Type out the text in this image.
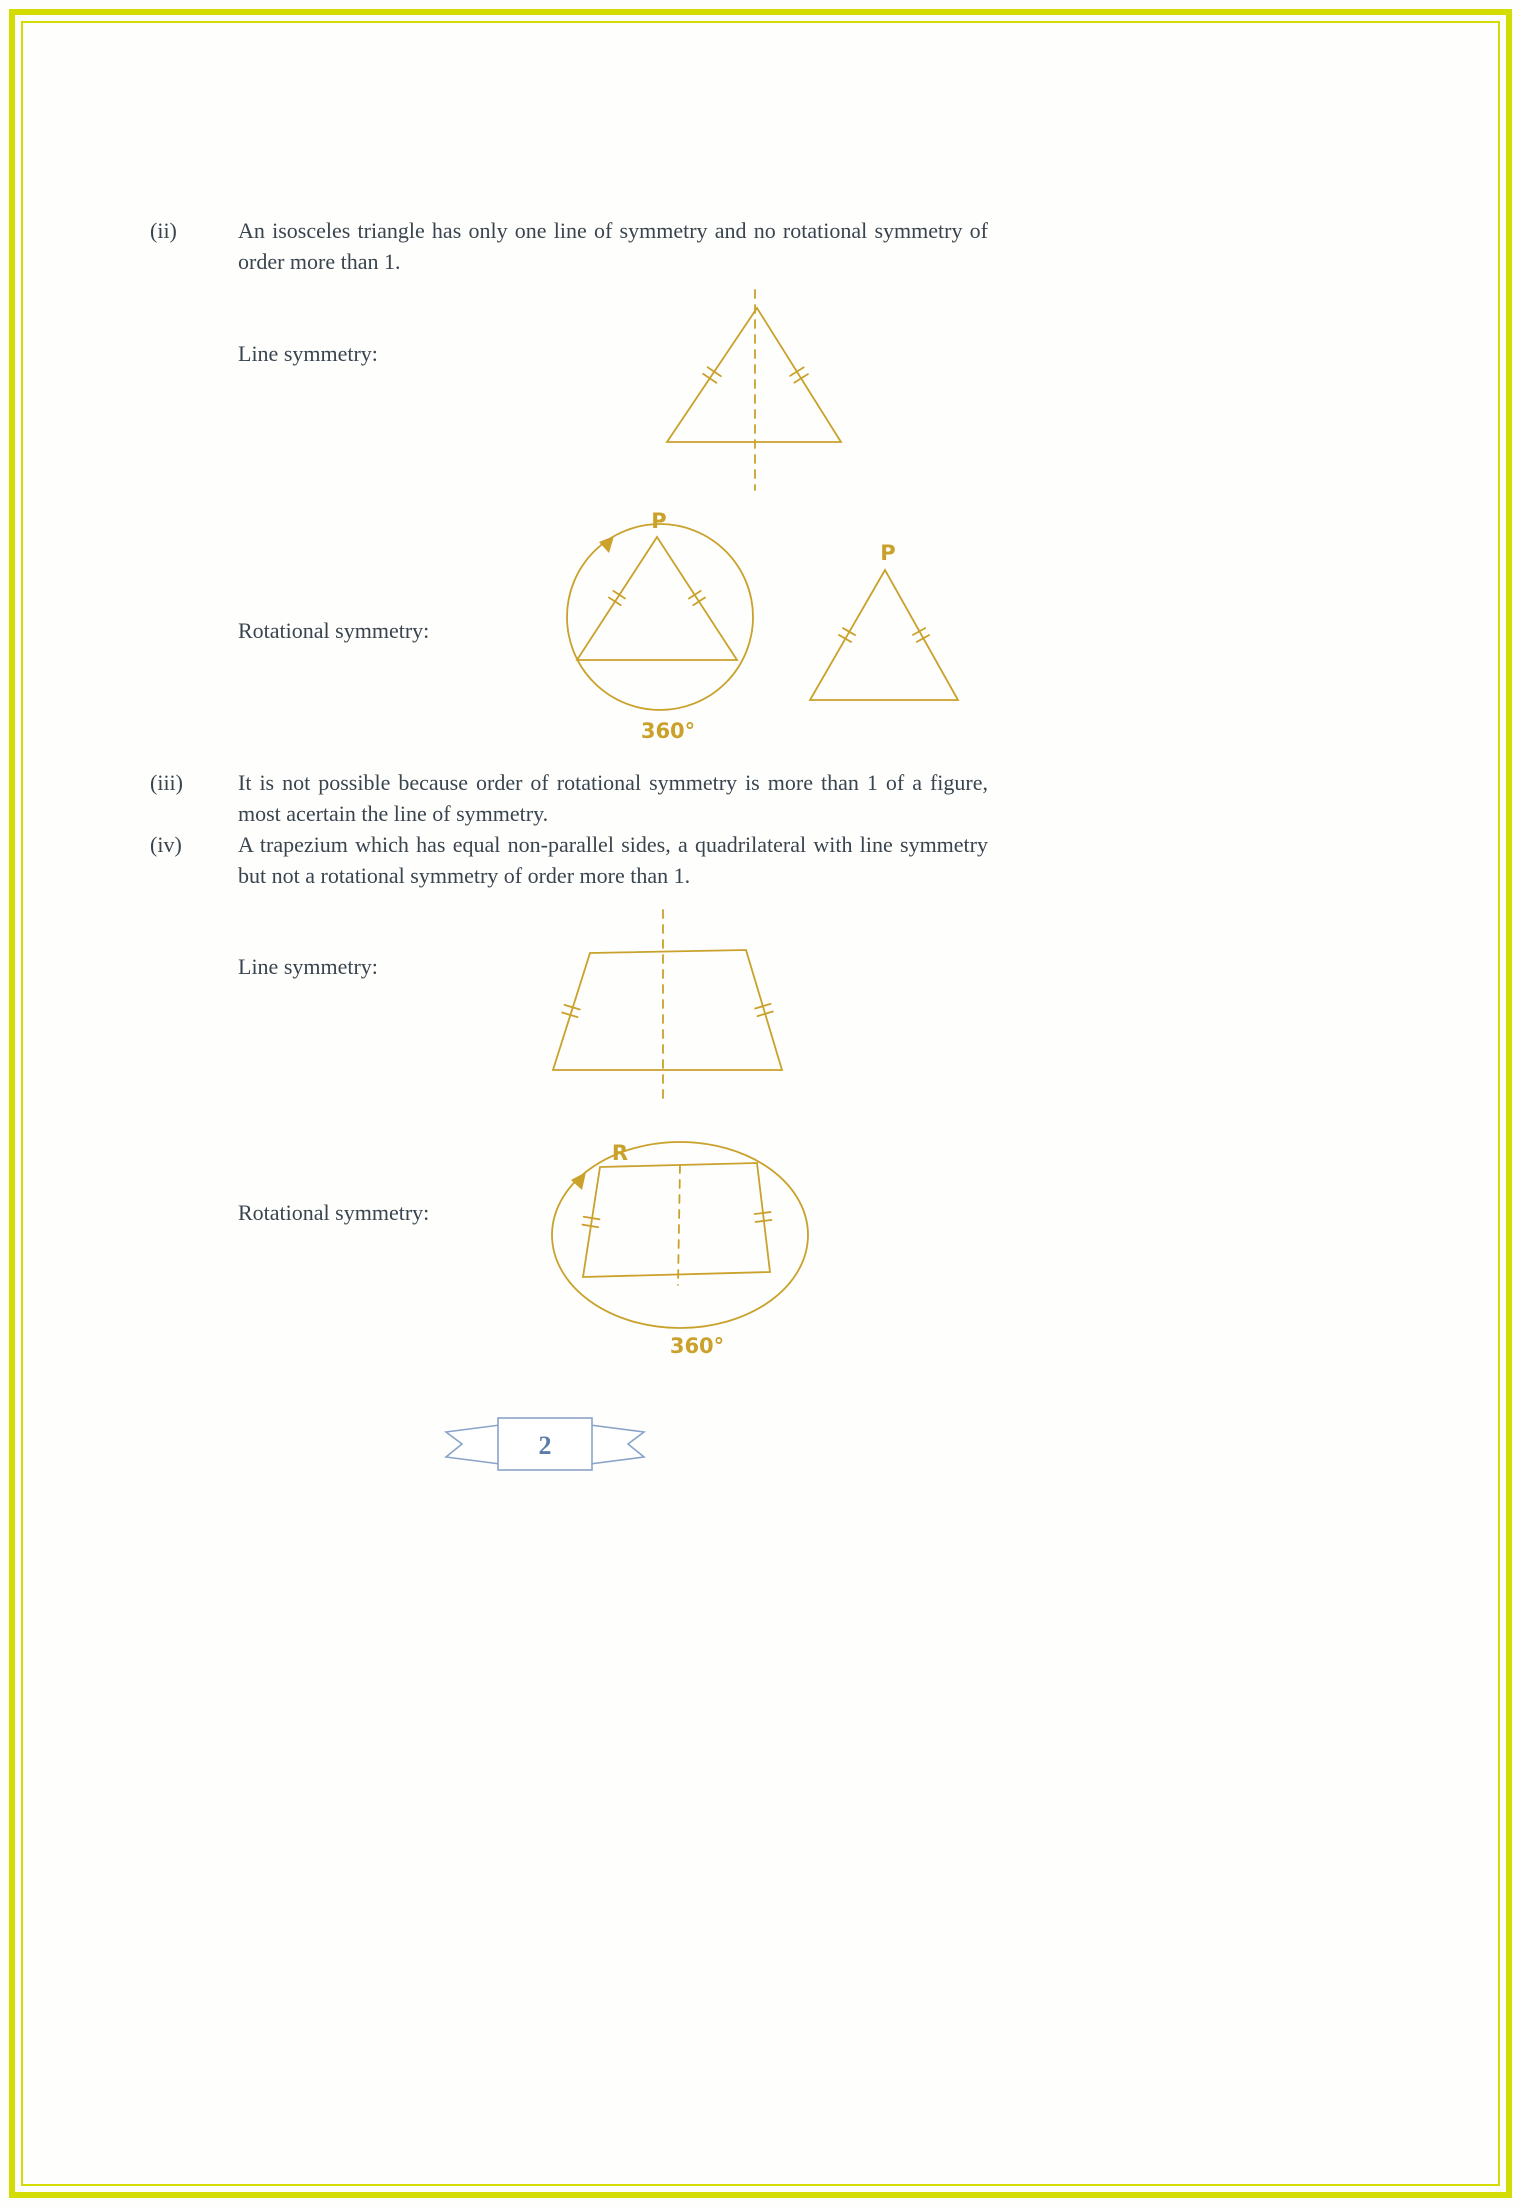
(ii)	An isosceles triangle has only one line of symmetry and no rotational symmetry of order more than 1.
Line symmetry:
Rotational symmetry:
P
360°
P
(iii)	It is not possible because order of rotational symmetry is more than 1 of a figure, most acertain the line of symmetry.
(iv)	A trapezium which has equal non-parallel sides, a quadrilateral with line symmetry but not a rotational symmetry of order more than 1.
Line symmetry:
Rotational symmetry:
R
360°
2
